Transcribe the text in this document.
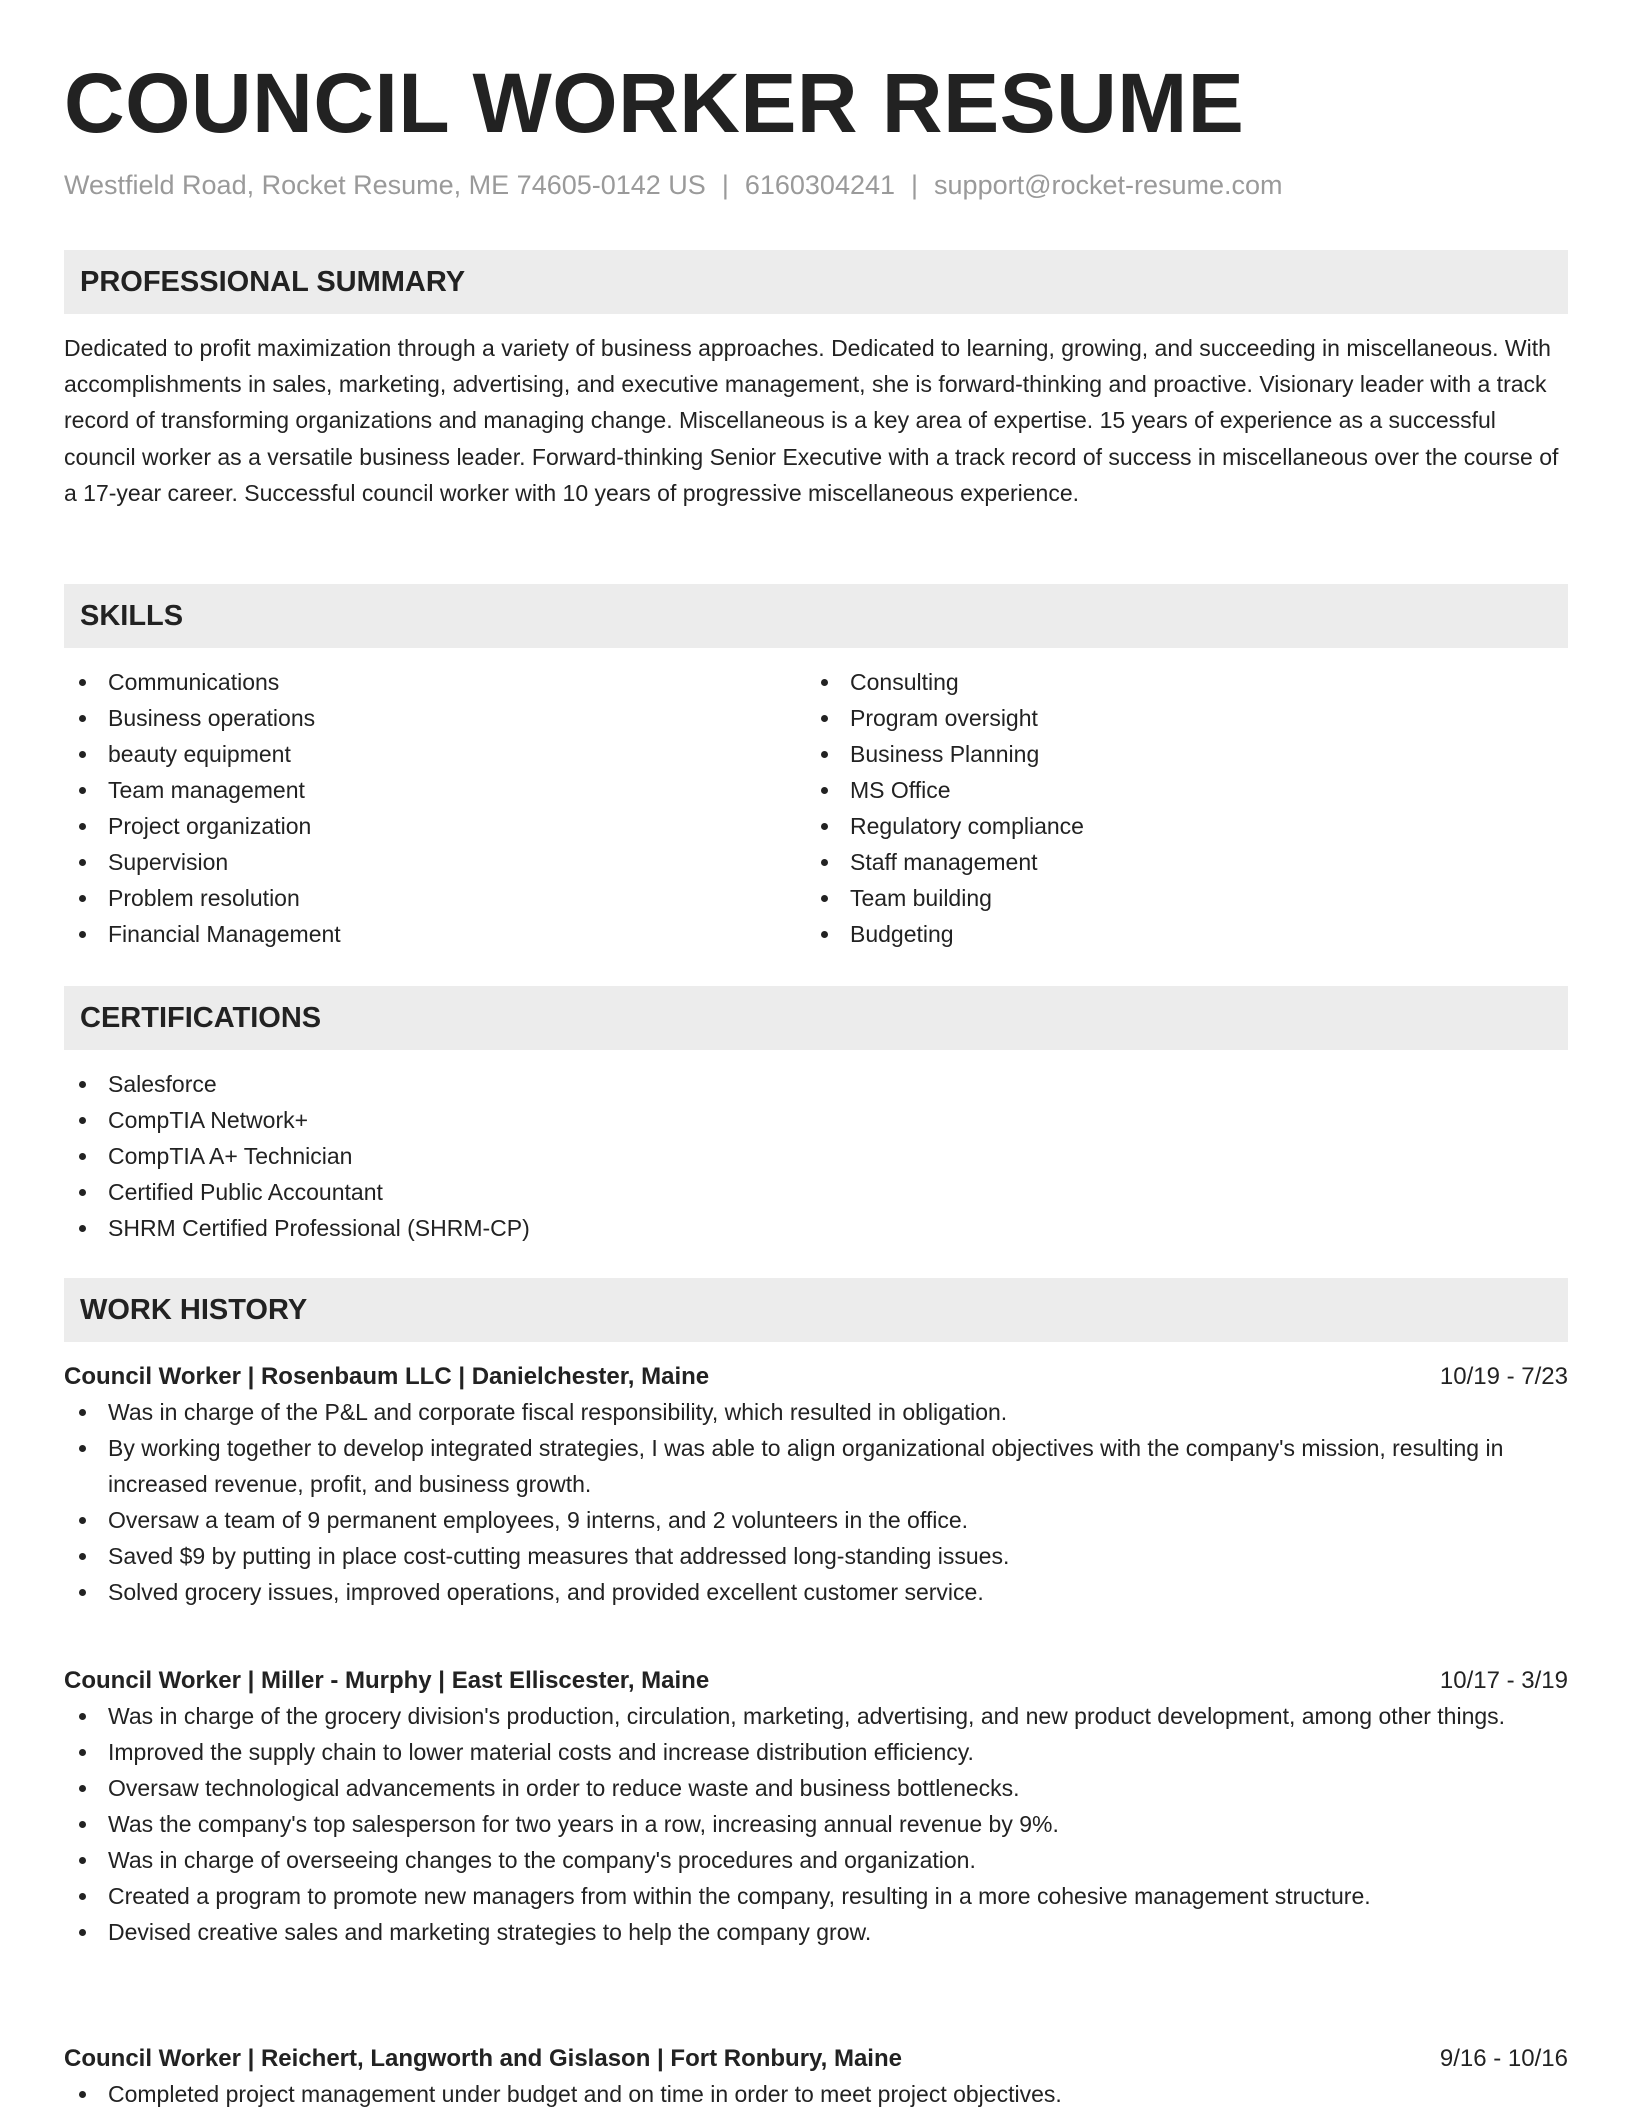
COUNCIL WORKER RESUME
Westfield Road, Rocket Resume, ME 74605-0142 US | 6160304241 | support@rocket-resume.com
PROFESSIONAL SUMMARY

Dedicated to profit maximization through a variety of business approaches. Dedicated to learning, growing, and succeeding in miscellaneous. With accomplishments in sales, marketing, advertising, and executive management, she is forward-thinking and proactive. Visionary leader with a track record of transforming organizations and managing change. Miscellaneous is a key area of expertise. 15 years of experience as a successful council worker as a versatile business leader. Forward-thinking Senior Executive with a track record of success in miscellaneous over the course of a 17-year career. Successful council worker with 10 years of progressive miscellaneous experience.

SKILLS
Communications
Business operations
beauty equipment
Team management
Project organization
Supervision
Problem resolution
Financial Management
Consulting
Program oversight
Business Planning
MS Office
Regulatory compliance
Staff management
Team building
Budgeting
CERTIFICATIONS
Salesforce
CompTIA Network+
CompTIA A+ Technician
Certified Public Accountant
SHRM Certified Professional (SHRM-CP)
WORK HISTORY
Council Worker | Rosenbaum LLC | Danielchester, Maine	10/19 - 7/23
Was in charge of the P&L and corporate fiscal responsibility, which resulted in obligation.
By working together to develop integrated strategies, I was able to align organizational objectives with the company's mission, resulting in increased revenue, profit, and business growth.
Oversaw a team of 9 permanent employees, 9 interns, and 2 volunteers in the office.
Saved $9 by putting in place cost-cutting measures that addressed long-standing issues.
Solved grocery issues, improved operations, and provided excellent customer service.
Council Worker | Miller - Murphy | East Elliscester, Maine	10/17 - 3/19
Was in charge of the grocery division's production, circulation, marketing, advertising, and new product development, among other things.
Improved the supply chain to lower material costs and increase distribution efficiency.
Oversaw technological advancements in order to reduce waste and business bottlenecks.
Was the company's top salesperson for two years in a row, increasing annual revenue by 9%.
Was in charge of overseeing changes to the company's procedures and organization.
Created a program to promote new managers from within the company, resulting in a more cohesive management structure.
Devised creative sales and marketing strategies to help the company grow.
Council Worker | Reichert, Langworth and Gislason | Fort Ronbury, Maine	9/16 - 10/16
Completed project management under budget and on time in order to meet project objectives.
